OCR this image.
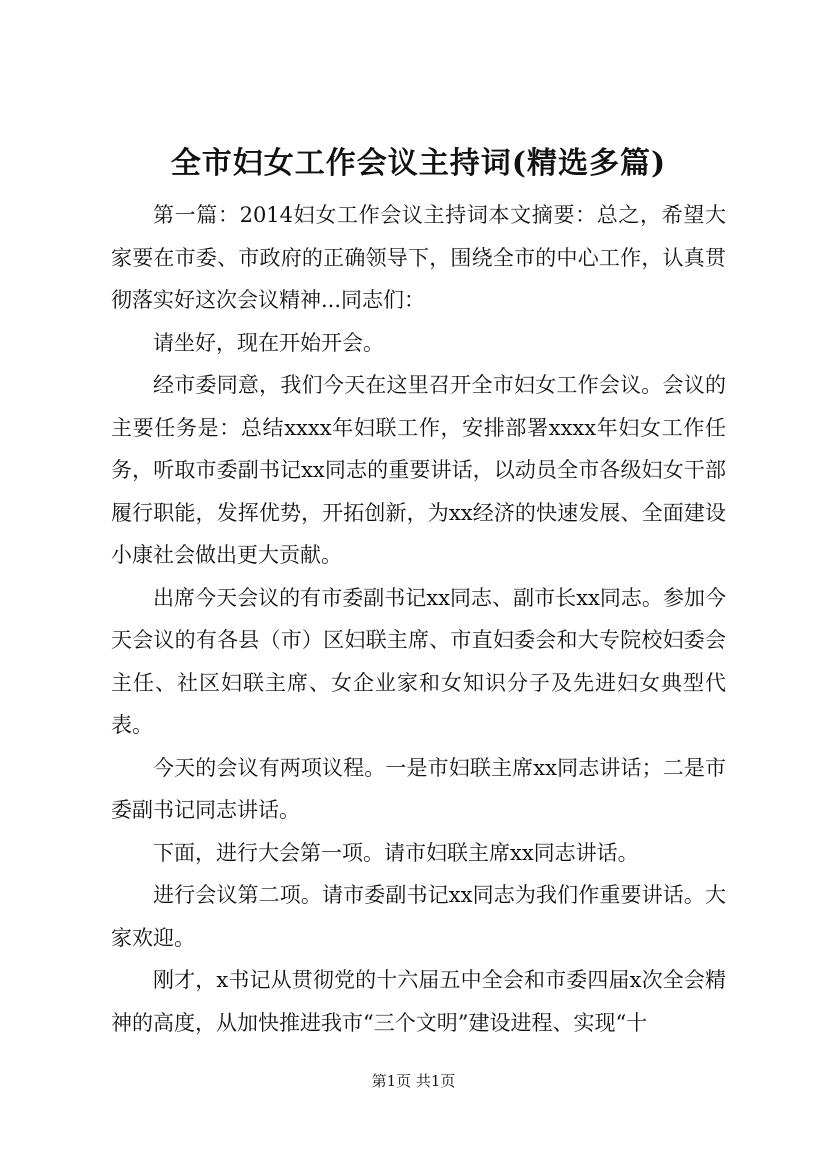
全市妇女工作会议主持词(精选多篇)

第一篇：2014妇女工作会议主持词本文摘要：总之，希望大家要在市委、市政府的正确领导下，围绕全市的中心工作，认真贯彻落实好这次会议精神...同志们：

请坐好，现在开始开会。

经市委同意，我们今天在这里召开全市妇女工作会议。会议的主要任务是：总结xxxx年妇联工作，安排部署xxxx年妇女工作任务，听取市委副书记xx同志的重要讲话，以动员全市各级妇女干部履行职能，发挥优势，开拓创新，为xx经济的快速发展、全面建设小康社会做出更大贡献。

出席今天会议的有市委副书记xx同志、副市长xx同志。参加今天会议的有各县（市）区妇联主席、市直妇委会和大专院校妇委会主任、社区妇联主席、女企业家和女知识分子及先进妇女典型代表。

今天的会议有两项议程。一是市妇联主席xx同志讲话；二是市委副书记同志讲话。

下面，进行大会第一项。请市妇联主席xx同志讲话。

进行会议第二项。请市委副书记xx同志为我们作重要讲话。大家欢迎。

刚才，x书记从贯彻党的十六届五中全会和市委四届x次全会精神的高度，从加快推进我市“三个文明”建设进程、实现“十

第1页 共1页
